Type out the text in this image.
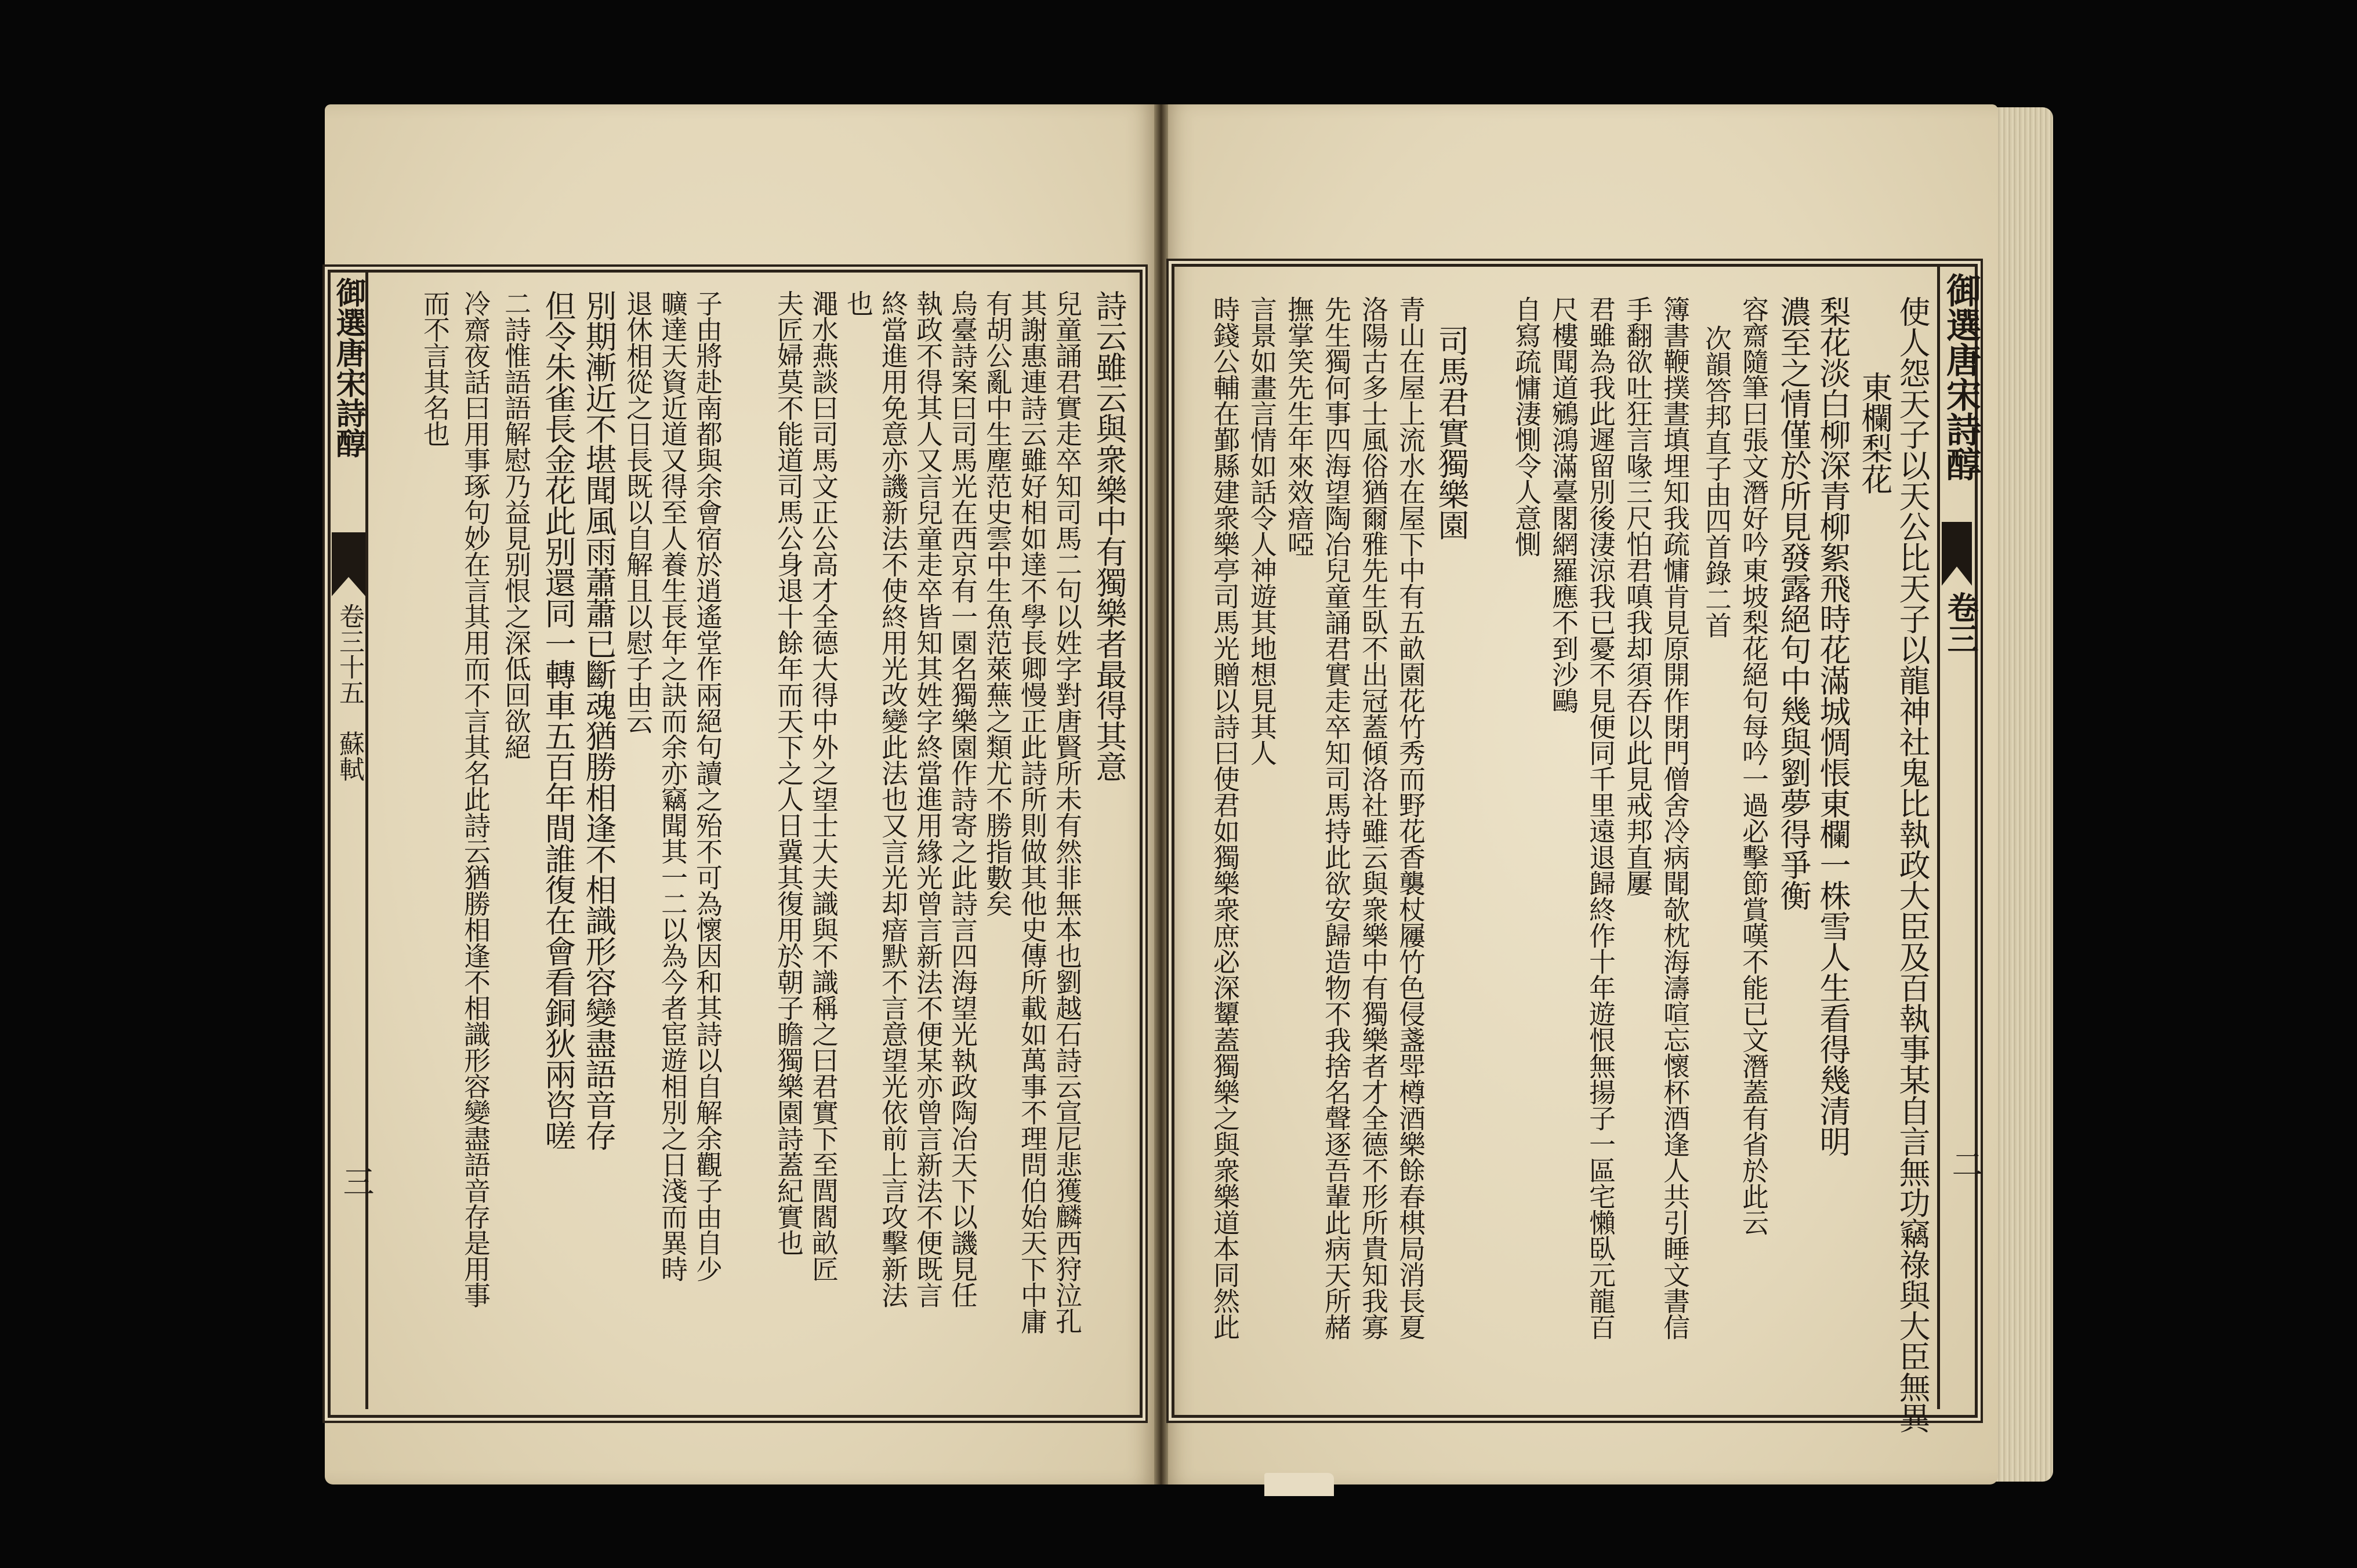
御選唐宋詩醇
卷三十五
蘇軾
三
詩云雖云與衆樂中有獨樂者最得其意
兒童誦君實走卒知司馬二句以姓字對唐賢所未有然非無本也劉越石詩云宣尼悲獲麟西狩泣孔
其謝惠連詩云雖好相如達不學長卿慢正此詩所則做其他史傳所載如萬事不理問伯始天下中庸
有胡公亂中生塵范史雲中生魚范萊蕪之類尤不勝指數矣
烏臺詩案曰司馬光在西京有一園名獨樂園作詩寄之此詩言四海望光執政陶冶天下以譏見任
執政不得其人又言兒童走卒皆知其姓字終當進用緣光曾言新法不便某亦曾言新法不便既言
終當進用免意亦譏新法不使終用光改變此法也又言光却瘖默不言意望光依前上言攻擊新法
也
澠水燕談曰司馬文正公高才全德大得中外之望士大夫識與不識稱之曰君實下至閭閻畝匠
夫匠婦莫不能道司馬公身退十餘年而天下之人日冀其復用於朝子瞻獨樂園詩蓋紀實也
子由將赴南都與余會宿於逍遙堂作兩絕句讀之殆不可為懷因和其詩以自解余觀子由自少
曠達天資近道又得至人養生長年之訣而余亦竊聞其一二以為今者宦遊相別之日淺而異時
退休相從之日長既以自解且以慰子由云
別期漸近不堪聞風雨蕭蕭已斷魂猶勝相逢不相識形容變盡語音存
但令朱雀長金花此别還同一轉車五百年間誰復在會看銅狄兩咨嗟
二詩惟語語解慰乃益見别恨之深低回欲絕
冷齋夜話曰用事琢句妙在言其用而不言其名此詩云猶勝相逢不相識形容變盡語音存是用事
而不言其名也	御選唐宋詩醇
卷三
二
使人怨天子以天公比天子以龍神社鬼比執政大臣及百執事某自言無功竊祿與大臣無異
東欄梨花
梨花淡白柳深青柳絮飛時花滿城惆悵東欄一株雪人生看得幾清明
濃至之情僅於所見發露絕句中幾與劉夢得爭衡
容齋隨筆曰張文潛好吟東坡梨花絕句每吟一過必擊節賞嘆不能已文潛蓋有省於此云
次韻答邦直子由四首錄二首
簿書鞭撲晝填埋知我疏慵肯見原開作閉門僧舍冷病聞欹枕海濤喧忘懷杯酒逢人共引睡文書信
手翻欲吐狂言喙三尺怕君嗔我却須吞以此見戒邦直屢
君雖為我此遲留別後淒涼我已憂不見便同千里遠退歸終作十年遊恨無揚子一區宅懶臥元龍百
尺樓聞道鵷鴻滿臺閣網羅應不到沙鷗
自寫疏慵淒惻令人意惻
司馬君實獨樂園
青山在屋上流水在屋下中有五畝園花竹秀而野花香襲杖屨竹色侵盞斝樽酒樂餘春棋局消長夏
洛陽古多士風俗猶爾雅先生臥不出冠蓋傾洛社雖云與衆樂中有獨樂者才全德不形所貴知我寡
先生獨何事四海望陶冶兒童誦君實走卒知司馬持此欲安歸造物不我捨名聲逐吾輩此病天所赭
撫掌笑先生年來效瘖啞
言景如畫言情如話令人神遊其地想見其人
時錢公輔在鄞縣建衆樂亭司馬光贈以詩曰使君如獨樂衆庶必深顰蓋獨樂之與衆樂道本同然此
